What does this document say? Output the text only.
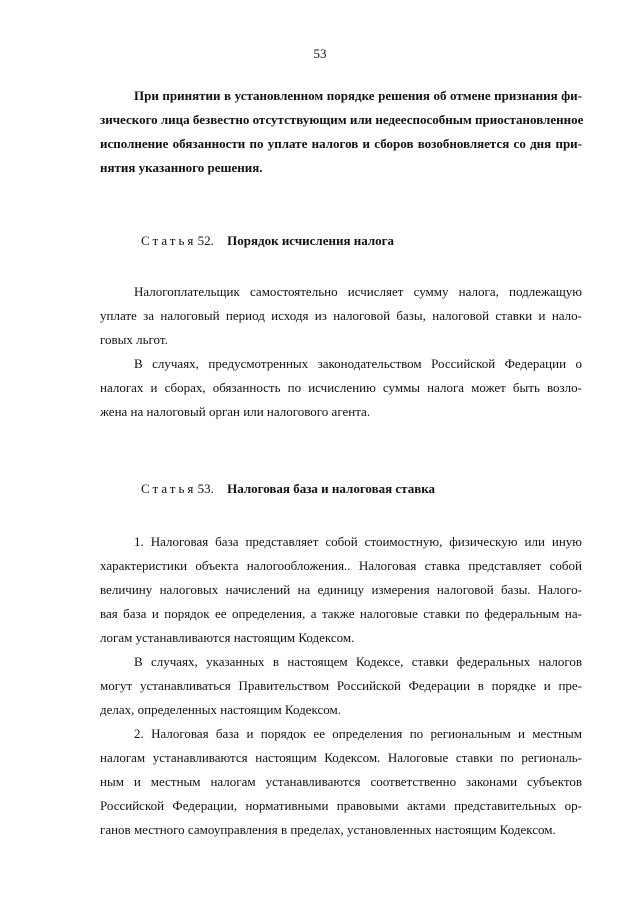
53
При принятии в установленном порядке решения об отмене признания фи-
зического лица безвестно отсутствующим или недееспособным приостановленное
исполнение обязанности по уплате налогов и сборов возобновляется со дня при-
нятия указанного решения.
Статья 52. Порядок исчисления налога
Налогоплательщик самостоятельно исчисляет сумму налога, подлежащую
уплате за налоговый период исходя из налоговой базы, налоговой ставки и нало-
говых льгот.
В случаях, предусмотренных законодательством Российской Федерации о
налогах и сборах, обязанность по исчислению суммы налога может быть возло-
жена на налоговый орган или налогового агента.
Статья 53. Налоговая база и налоговая ставка
1. Налоговая база представляет собой стоимостную, физическую или иную
характеристики объекта налогообложения.. Налоговая ставка представляет собой
величину налоговых начислений на единицу измерения налоговой базы. Налого-
вая база и порядок ее определения, а также налоговые ставки по федеральным на-
логам устанавливаются настоящим Кодексом.
В случаях, указанных в настоящем Кодексе, ставки федеральных налогов
могут устанавливаться Правительством Российской Федерации в порядке и пре-
делах, определенных настоящим Кодексом.
2. Налоговая база и порядок ее определения по региональным и местным
налогам устанавливаются настоящим Кодексом. Налоговые ставки по региональ-
ным и местным налогам устанавливаются соответственно законами субъектов
Российской Федерации, нормативными правовыми актами представительных ор-
ганов местного самоуправления в пределах, установленных настоящим Кодексом.
